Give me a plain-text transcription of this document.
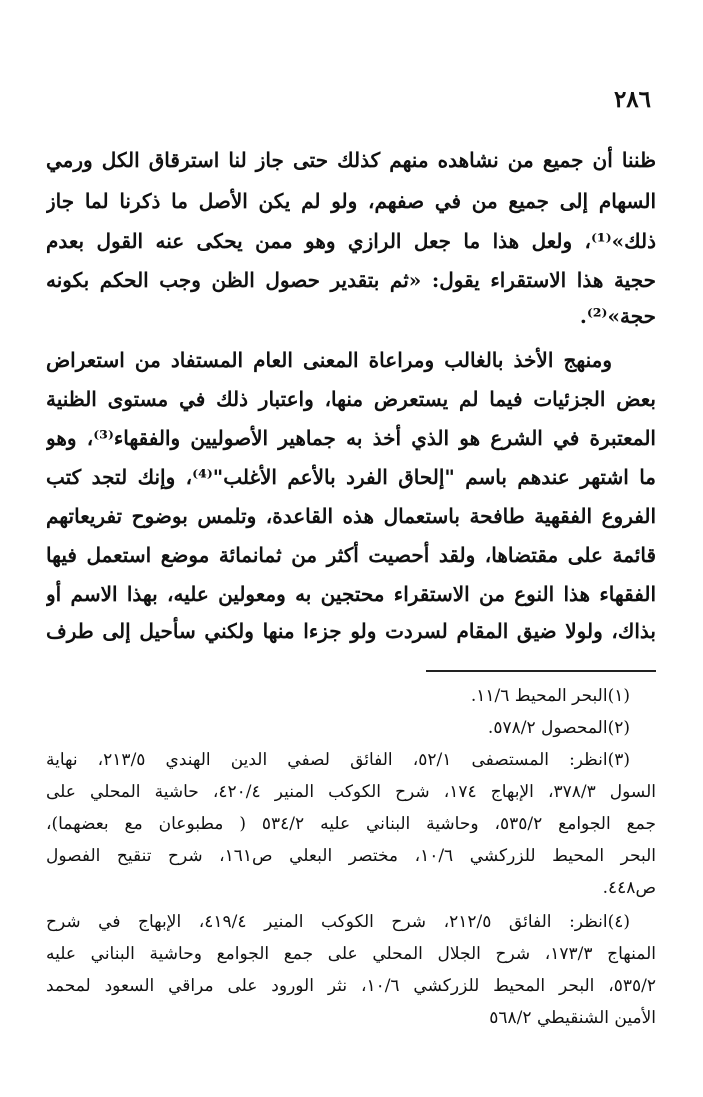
٢٨٦
ظننا أن جميع من نشاهده منهم كذلك حتى جاز لنا استرقاق الكل ورمي
السهام إلى جميع من في صفهم، ولو لم يكن الأصل ما ذكرنا لما جاز
ذلك»⁽¹⁾، ولعل هذا ما جعل الرازي وهو ممن يحكى عنه القول بعدم
حجية هذا الاستقراء يقول: «ثم بتقدير حصول الظن وجب الحكم بكونه
حجة»⁽²⁾.
ومنهج الأخذ بالغالب ومراعاة المعنى العام المستفاد من استعراض
بعض الجزئيات فيما لم يستعرض منها، واعتبار ذلك في مستوى الظنية
المعتبرة في الشرع هو الذي أخذ به جماهير الأصوليين والفقهاء⁽³⁾، وهو
ما اشتهر عندهم باسم "إلحاق الفرد بالأعم الأغلب"⁽⁴⁾، وإنك لتجد كتب
الفروع الفقهية طافحة باستعمال هذه القاعدة، وتلمس بوضوح تفريعاتهم
قائمة على مقتضاها، ولقد أحصيت أكثر من ثمانمائة موضع استعمل فيها
الفقهاء هذا النوع من الاستقراء محتجين به ومعولين عليه، بهذا الاسم أو
بذاك، ولولا ضيق المقام لسردت ولو جزءا منها ولكني سأحيل إلى طرف
(١)البحر المحيط ١١/٦.
(٢)المحصول ٥٧٨/٢.
(٣)انظر: المستصفى ٥٢/١، الفائق لصفي الدين الهندي ٢١٣/٥، نهاية
السول ٣٧٨/٣، الإبهاج ١٧٤، شرح الكوكب المنير ٤٢٠/٤، حاشية المحلي على
جمع الجوامع ٥٣٥/٢، وحاشية البناني عليه ٥٣٤/٢ ( مطبوعان مع بعضهما)،
البحر المحيط للزركشي ١٠/٦، مختصر البعلي ص١٦١، شرح تنقيح الفصول
ص٤٤٨.
(٤)انظر: الفائق ٢١٢/٥، شرح الكوكب المنير ٤١٩/٤، الإبهاج في شرح
المنهاج ١٧٣/٣، شرح الجلال المحلي على جمع الجوامع وحاشية البناني عليه
٥٣٥/٢، البحر المحيط للزركشي ١٠/٦، نثر الورود على مراقي السعود لمحمد
الأمين الشنقيطي ٥٦٨/٢
